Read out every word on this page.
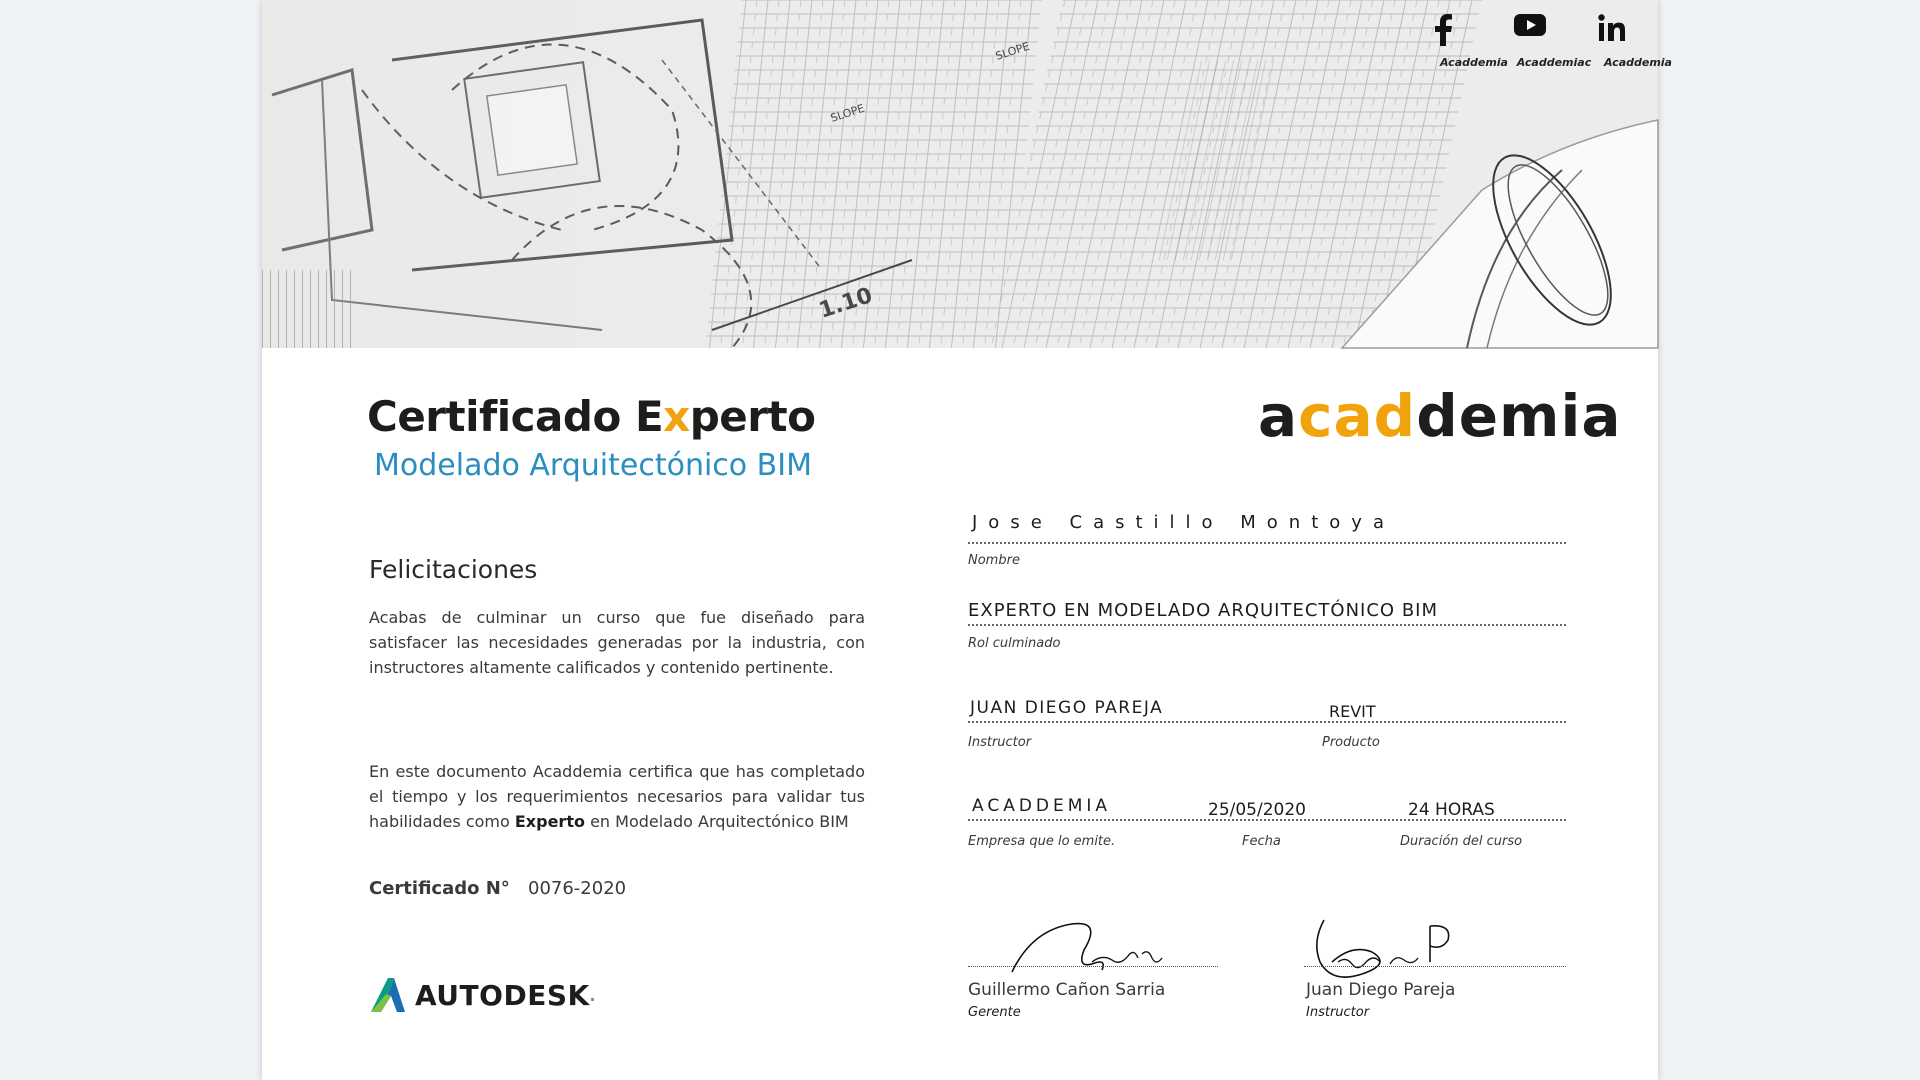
Acaddemia Acaddemiac Acaddemia
Certificado Experto
Modelado Arquitectónico BIM
acaddemia
Felicitaciones
Acabas de culminar un curso que fue diseñado para satisfacer las necesidades generadas por la industria, con instructores altamente calificados y contenido pertinente.
En este documento Acaddemia certifica que has completado el tiempo y los requerimientos necesarios para validar tus habilidades como Experto en Modelado Arquitectónico BIM
Certificado N° 0076-2020
AUTODESK .
Jose Castillo Montoya
Nombre
EXPERTO EN MODELADO ARQUITECTÓNICO BIM
Rol culminado
JUAN DIEGO PAREJA	REVIT
Instructor	Producto
ACADDEMIA	25/05/2020	24 HORAS
Empresa que lo emite.	Fecha	Duración del curso
Guillermo Cañon Sarria
Gerente
Juan Diego Pareja
Instructor
